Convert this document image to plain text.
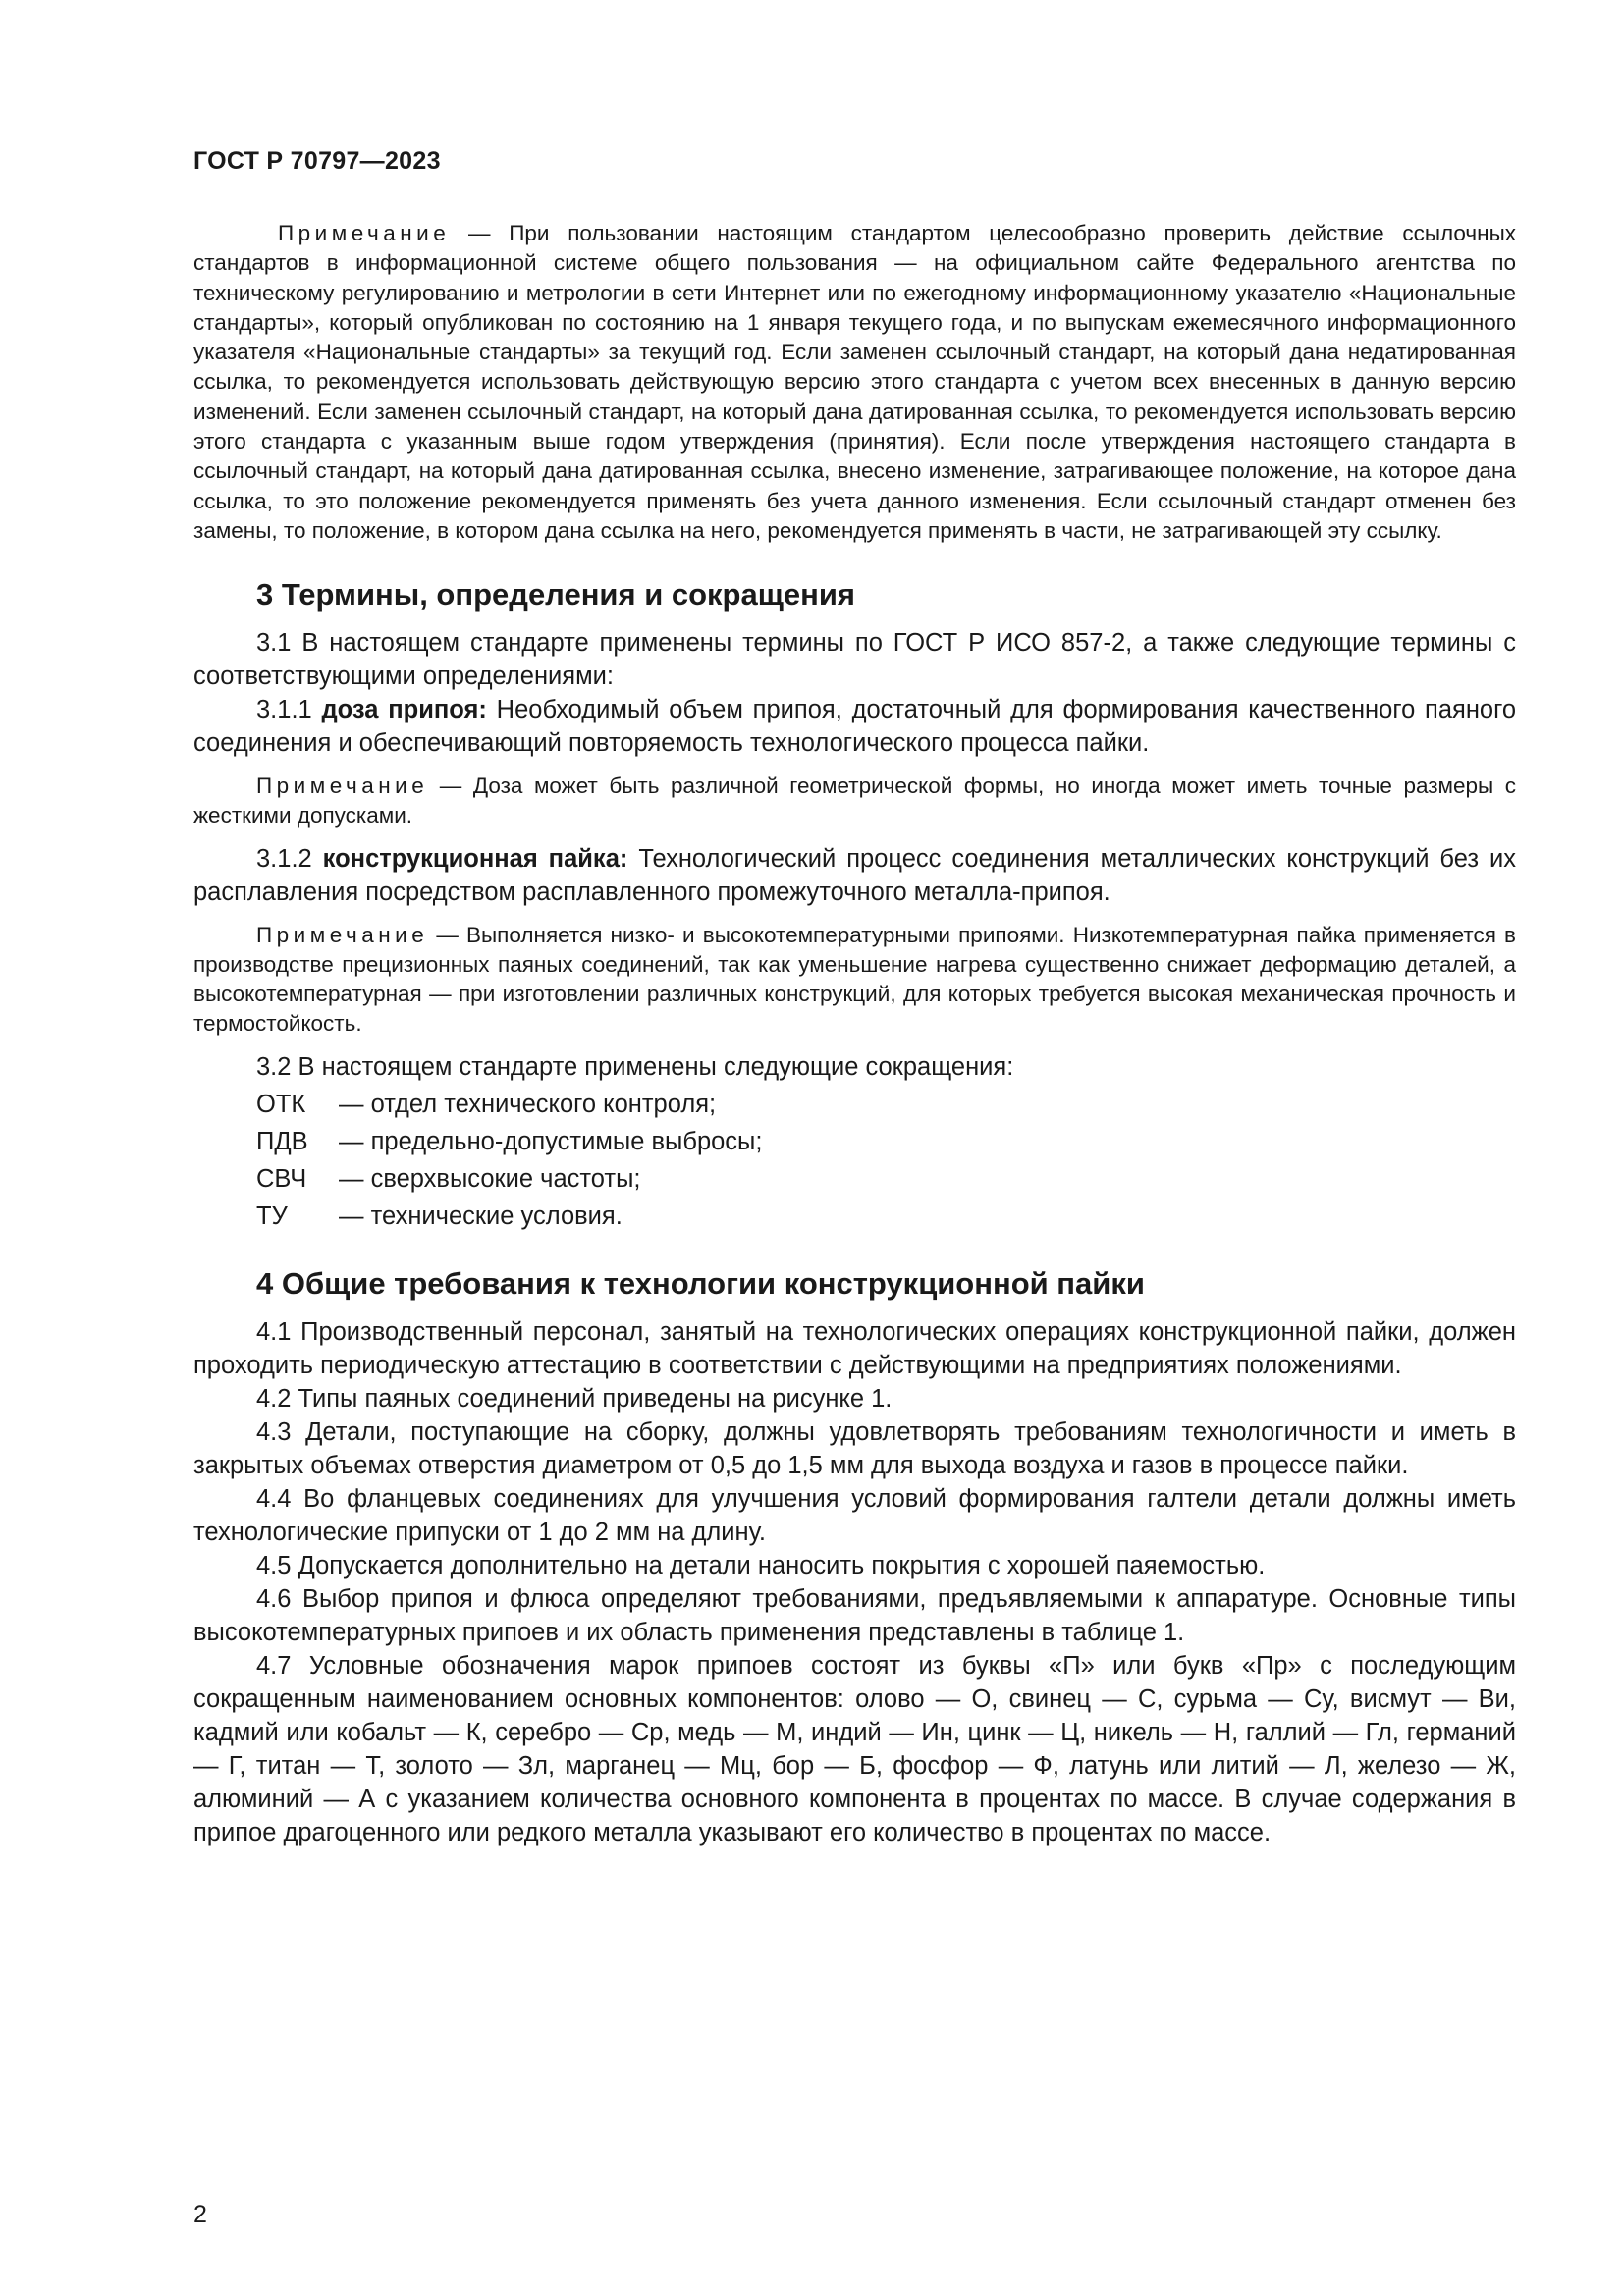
ГОСТ Р 70797—2023

Примечание — При пользовании настоящим стандартом целесообразно проверить действие ссылочных стандартов в информационной системе общего пользования — на официальном сайте Федерального агентства по техническому регулированию и метрологии в сети Интернет или по ежегодному информационному указателю «Национальные стандарты», который опубликован по состоянию на 1 января текущего года, и по выпускам ежемесячного информационного указателя «Национальные стандарты» за текущий год. Если заменен ссылочный стандарт, на который дана недатированная ссылка, то рекомендуется использовать действующую версию этого стандарта с учетом всех внесенных в данную версию изменений. Если заменен ссылочный стандарт, на который дана датированная ссылка, то рекомендуется использовать версию этого стандарта с указанным выше годом утверждения (принятия). Если после утверждения настоящего стандарта в ссылочный стандарт, на который дана датированная ссылка, внесено изменение, затрагивающее положение, на которое дана ссылка, то это положение рекомендуется применять без учета данного изменения. Если ссылочный стандарт отменен без замены, то положение, в котором дана ссылка на него, рекомендуется применять в части, не затрагивающей эту ссылку.

3 Термины, определения и сокращения

3.1 В настоящем стандарте применены термины по ГОСТ Р ИСО 857-2, а также следующие термины с соответствующими определениями:

3.1.1 доза припоя: Необходимый объем припоя, достаточный для формирования качественного паяного соединения и обеспечивающий повторяемость технологического процесса пайки.

Примечание — Доза может быть различной геометрической формы, но иногда может иметь точные размеры с жесткими допусками.

3.1.2 конструкционная пайка: Технологический процесс соединения металлических конструкций без их расплавления посредством расплавленного промежуточного металла-припоя.

Примечание — Выполняется низко- и высокотемпературными припоями. Низкотемпературная пайка применяется в производстве прецизионных паяных соединений, так как уменьшение нагрева существенно снижает деформацию деталей, а высокотемпературная — при изготовлении различных конструкций, для которых требуется высокая механическая прочность и термостойкость.

3.2 В настоящем стандарте применены следующие сокращения:

ОТК	— отдел технического контроля;
ПДВ	— предельно-допустимые выбросы;
СВЧ	— сверхвысокие частоты;
ТУ	— технические условия.
4 Общие требования к технологии конструкционной пайки

4.1 Производственный персонал, занятый на технологических операциях конструкционной пайки, должен проходить периодическую аттестацию в соответствии с действующими на предприятиях положениями.

4.2 Типы паяных соединений приведены на рисунке 1.

4.3 Детали, поступающие на сборку, должны удовлетворять требованиям технологичности и иметь в закрытых объемах отверстия диаметром от 0,5 до 1,5 мм для выхода воздуха и газов в процессе пайки.

4.4 Во фланцевых соединениях для улучшения условий формирования галтели детали должны иметь технологические припуски от 1 до 2 мм на длину.

4.5 Допускается дополнительно на детали наносить покрытия с хорошей паяемостью.

4.6 Выбор припоя и флюса определяют требованиями, предъявляемыми к аппаратуре. Основные типы высокотемпературных припоев и их область применения представлены в таблице 1.

4.7 Условные обозначения марок припоев состоят из буквы «П» или букв «Пр» с последующим сокращенным наименованием основных компонентов: олово — О, свинец — С, сурьма — Су, висмут — Ви, кадмий или кобальт — К, серебро — Ср, медь — М, индий — Ин, цинк — Ц, никель — Н, галлий — Гл, германий — Г, титан — Т, золото — Зл, марганец — Мц, бор — Б, фосфор — Ф, латунь или литий — Л, железо — Ж, алюминий — А с указанием количества основного компонента в процентах по массе. В случае содержания в припое драгоценного или редкого металла указывают его количество в процентах по массе.

2
